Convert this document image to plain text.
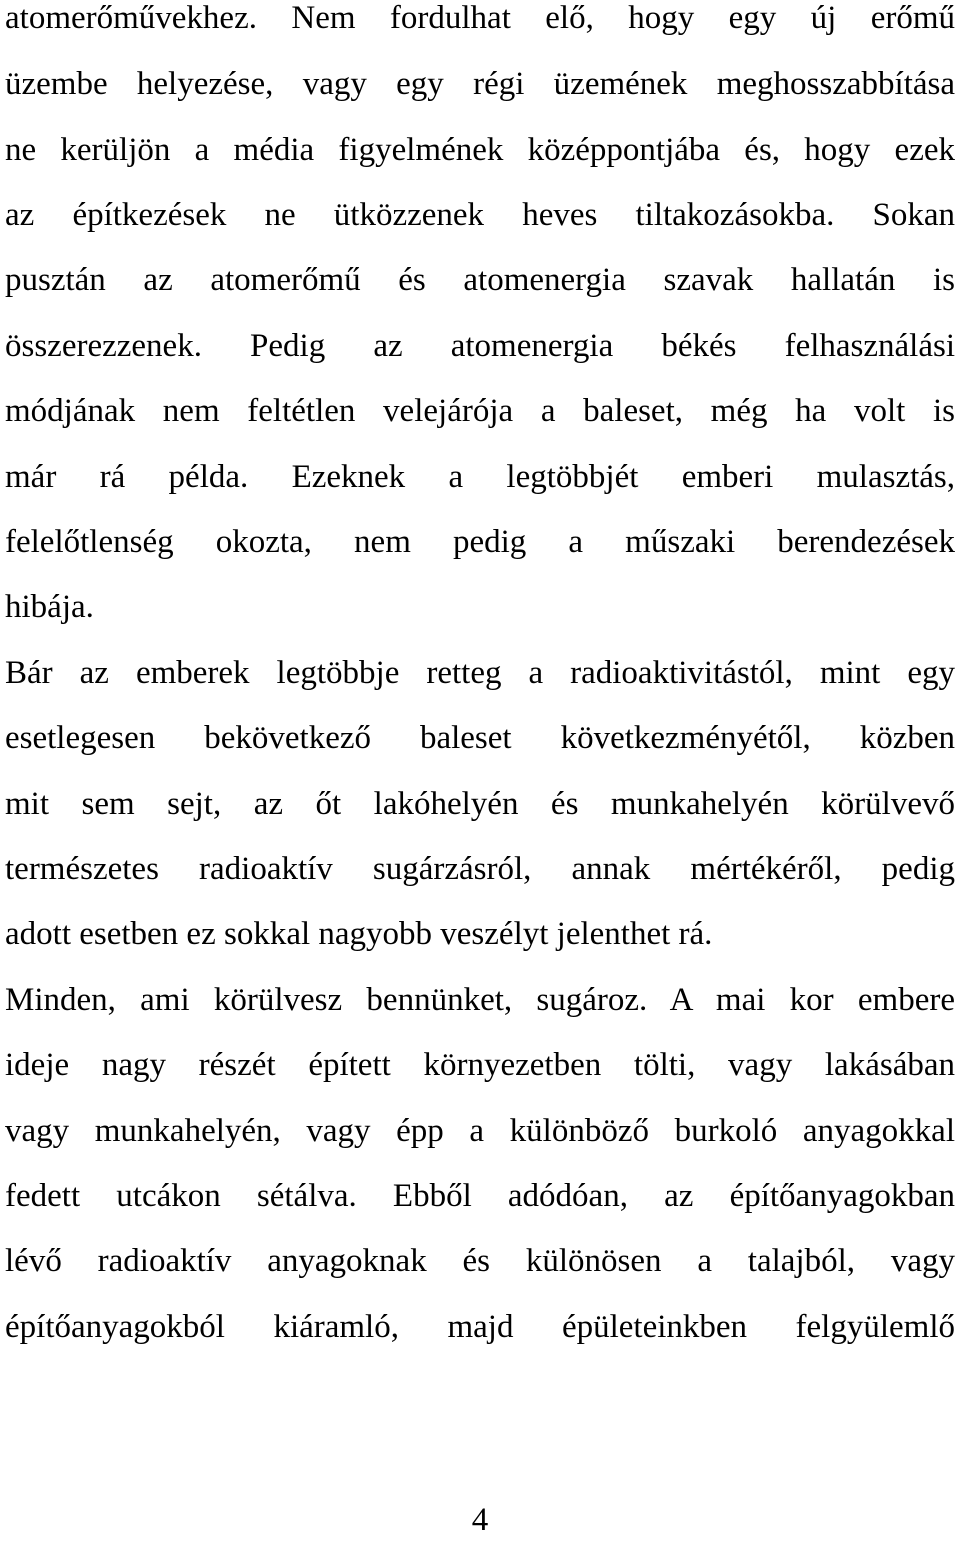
atomerőművekhez. Nem fordulhat elő, hogy egy új erőmű
üzembe helyezése, vagy egy régi üzemének meghosszabbítása
ne kerüljön a média figyelmének középpontjába és, hogy ezek
az építkezések ne ütközzenek heves tiltakozásokba. Sokan
pusztán az atomerőmű és atomenergia szavak hallatán is
összerezzenek. Pedig az atomenergia békés felhasználási
módjának nem feltétlen velejárója a baleset, még ha volt is
már rá példa. Ezeknek a legtöbbjét emberi mulasztás,
felelőtlenség okozta, nem pedig a műszaki berendezések
hibája.
Bár az emberek legtöbbje retteg a radioaktivitástól, mint egy
esetlegesen bekövetkező baleset következményétől, közben
mit sem sejt, az őt lakóhelyén és munkahelyén körülvevő
természetes radioaktív sugárzásról, annak mértékéről, pedig
adott esetben ez sokkal nagyobb veszélyt jelenthet rá.
Minden, ami körülvesz bennünket, sugároz. A mai kor embere
ideje nagy részét épített környezetben tölti, vagy lakásában
vagy munkahelyén, vagy épp a különböző burkoló anyagokkal
fedett utcákon sétálva. Ebből adódóan, az építőanyagokban
lévő radioaktív anyagoknak és különösen a talajból, vagy
építőanyagokból kiáramló, majd épületeinkben felgyülemlő
4
